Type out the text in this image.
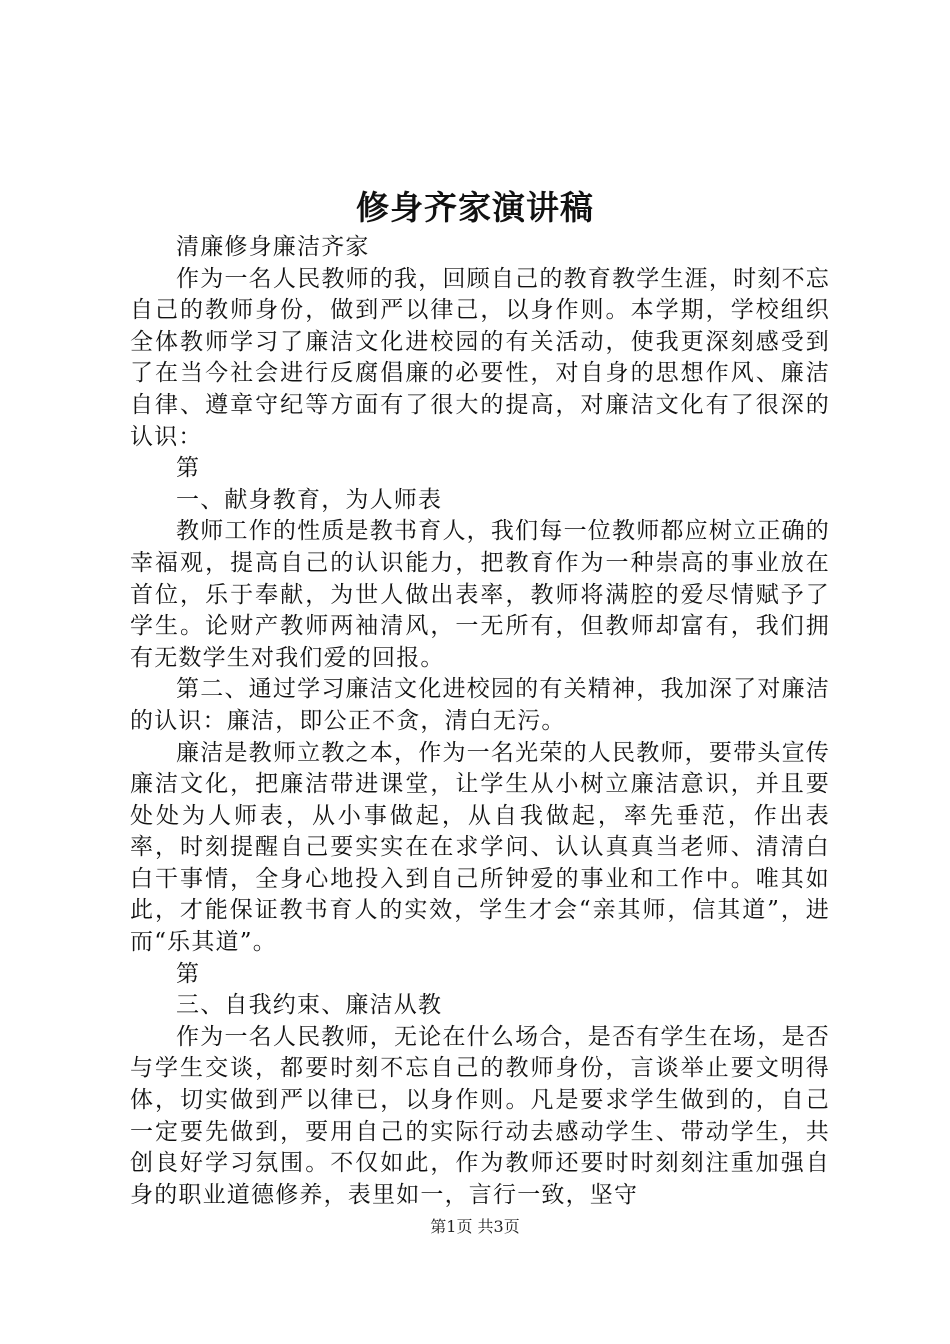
修身齐家演讲稿

清廉修身廉洁齐家

作为一名人民教师的我，回顾自己的教育教学生涯，时刻不忘自己的教师身份，做到严以律己，以身作则。本学期，学校组织全体教师学习了廉洁文化进校园的有关活动，使我更深刻感受到了在当今社会进行反腐倡廉的必要性，对自身的思想作风、廉洁自律、遵章守纪等方面有了很大的提高，对廉洁文化有了很深的认识：

第

一、献身教育，为人师表

教师工作的性质是教书育人，我们每一位教师都应树立正确的幸福观，提高自己的认识能力，把教育作为一种崇高的事业放在首位，乐于奉献，为世人做出表率，教师将满腔的爱尽情赋予了学生。论财产教师两袖清风，一无所有，但教师却富有，我们拥有无数学生对我们爱的回报。

第二、通过学习廉洁文化进校园的有关精神，我加深了对廉洁的认识：廉洁，即公正不贪，清白无污。

廉洁是教师立教之本，作为一名光荣的人民教师，要带头宣传廉洁文化，把廉洁带进课堂，让学生从小树立廉洁意识，并且要处处为人师表，从小事做起，从自我做起，率先垂范，作出表率，时刻提醒自己要实实在在求学问、认认真真当老师、清清白白干事情，全身心地投入到自己所钟爱的事业和工作中。唯其如此，才能保证教书育人的实效，学生才会“亲其师，信其道”，进而“乐其道”。

第

三、自我约束、廉洁从教

作为一名人民教师，无论在什么场合，是否有学生在场，是否与学生交谈，都要时刻不忘自己的教师身份，言谈举止要文明得体，切实做到严以律已，以身作则。凡是要求学生做到的，自己一定要先做到，要用自己的实际行动去感动学生、带动学生，共创良好学习氛围。不仅如此，作为教师还要时时刻刻注重加强自身的职业道德修养，表里如一，言行一致，坚守

第1页 共3页
